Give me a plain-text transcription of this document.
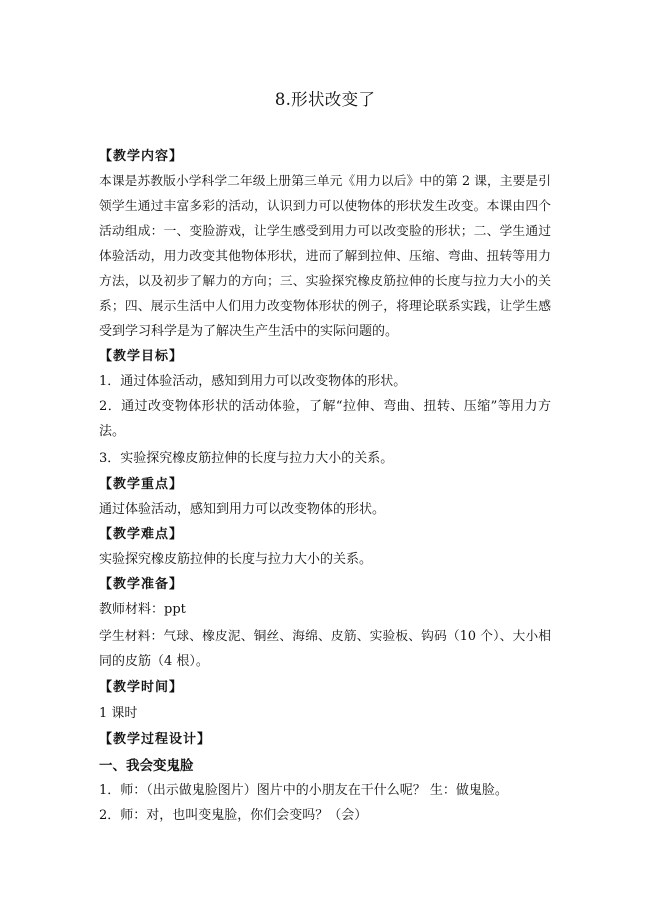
8.形状改变了
【教学内容】
本课是苏教版小学科学二年级上册第三单元《用力以后》中的第 2 课，主要是引
领学生通过丰富多彩的活动，认识到力可以使物体的形状发生改变。本课由四个
活动组成：一、变脸游戏，让学生感受到用力可以改变脸的形状；二、学生通过
体验活动，用力改变其他物体形状，进而了解到拉伸、压缩、弯曲、扭转等用力
方法，以及初步了解力的方向；三、实验探究橡皮筋拉伸的长度与拉力大小的关
系；四、展示生活中人们用力改变物体形状的例子，将理论联系实践，让学生感
受到学习科学是为了解决生产生活中的实际问题的。
【教学目标】
1．通过体验活动，感知到用力可以改变物体的形状。
2．通过改变物体形状的活动体验，了解“拉伸、弯曲、扭转、压缩”等用力方
法。
3．实验探究橡皮筋拉伸的长度与拉力大小的关系。
【教学重点】
通过体验活动，感知到用力可以改变物体的形状。
【教学难点】
实验探究橡皮筋拉伸的长度与拉力大小的关系。
【教学准备】
教师材料：ppt
学生材料：气球、橡皮泥、铜丝、海绵、皮筋、实验板、钩码（10 个）、大小相
同的皮筋（4 根）。
【教学时间】
1 课时
【教学过程设计】
一、我会变鬼脸
1．师：（出示做鬼脸图片）图片中的小朋友在干什么呢？ 生：做鬼脸。
2．师：对，也叫变鬼脸，你们会变吗？（会）
